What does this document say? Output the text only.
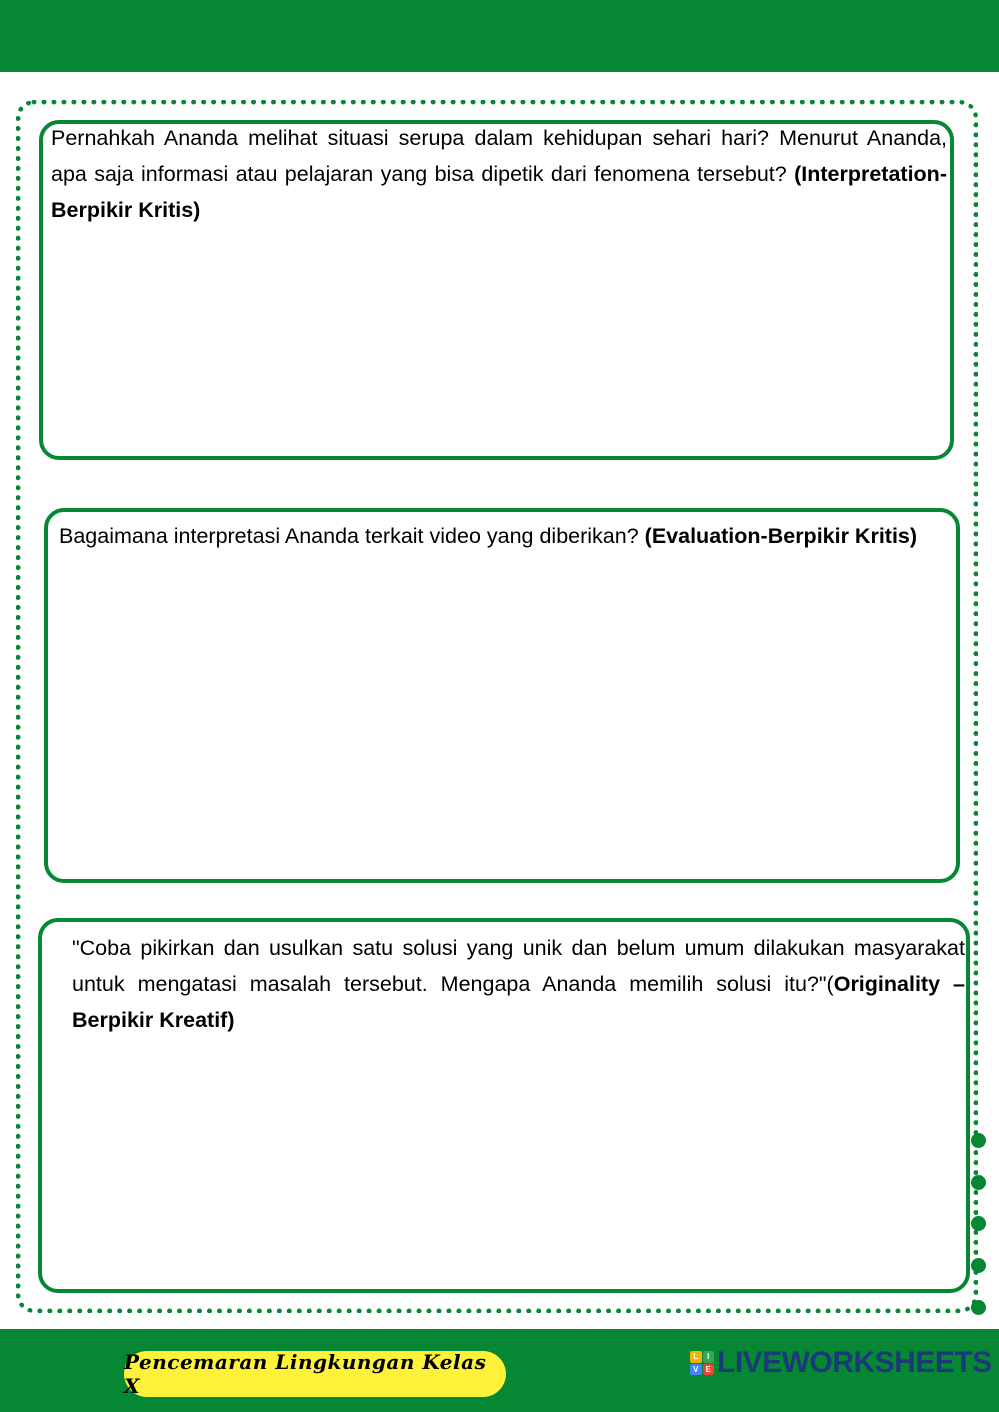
Pernahkah Ananda melihat situasi serupa dalam kehidupan sehari hari? Menurut Ananda, apa saja informasi atau pelajaran yang bisa dipetik dari fenomena tersebut? (Interpretation-Berpikir Kritis)

Bagaimana interpretasi Ananda terkait video yang diberikan? (Evaluation-Berpikir Kritis)

"Coba pikirkan dan usulkan satu solusi yang unik dan belum umum dilakukan masyarakat untuk mengatasi masalah tersebut. Mengapa Ananda memilih solusi itu?"(Originality – Berpikir Kreatif)

Pencemaran Lingkungan Kelas X
L	I
V E LIVEWORKSHEETS
